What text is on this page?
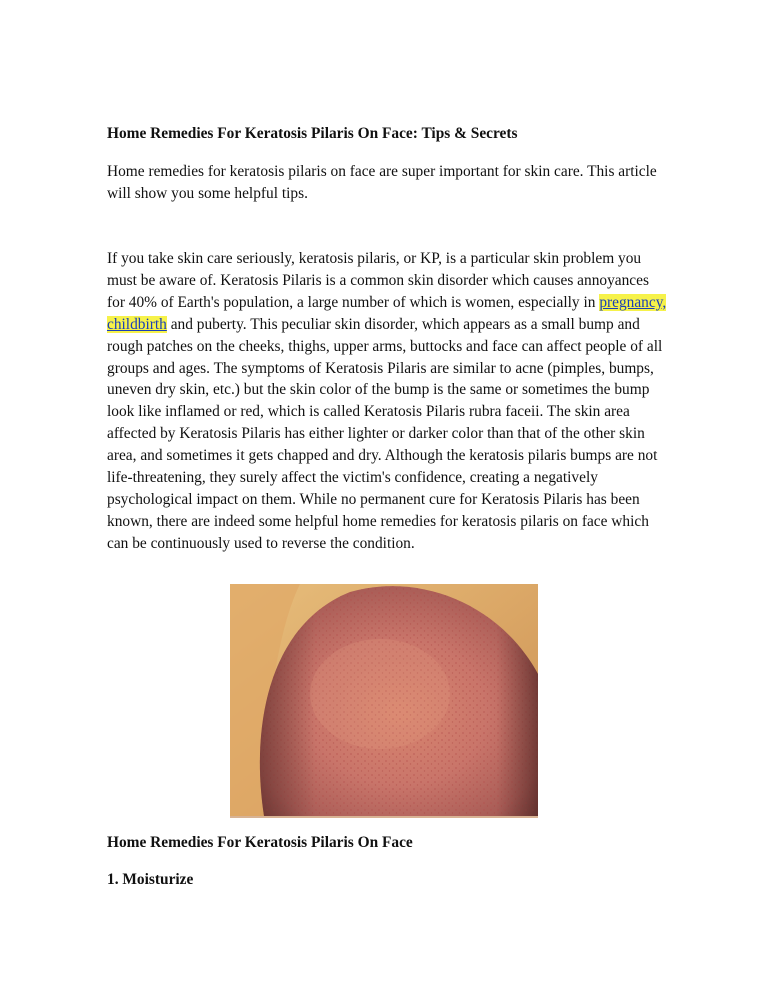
Home Remedies For Keratosis Pilaris On Face: Tips & Secrets

Home remedies for keratosis pilaris on face are super important for skin care. This article will show you some helpful tips.

If you take skin care seriously, keratosis pilaris, or KP, is a particular skin problem you must be aware of. Keratosis Pilaris is a common skin disorder which causes annoyances for 40% of Earth's population, a large number of which is women, especially in pregnancy, childbirth and puberty. This peculiar skin disorder, which appears as a small bump and rough patches on the cheeks, thighs, upper arms, buttocks and face can affect people of all groups and ages. The symptoms of Keratosis Pilaris are similar to acne (pimples, bumps, uneven dry skin, etc.) but the skin color of the bump is the same or sometimes the bump look like inflamed or red, which is called Keratosis Pilaris rubra faceii. The skin area affected by Keratosis Pilaris has either lighter or darker color than that of the other skin area, and sometimes it gets chapped and dry. Although the keratosis pilaris bumps are not life-threatening, they surely affect the victim's confidence, creating a negatively psychological impact on them. While no permanent cure for Keratosis Pilaris has been known, there are indeed some helpful home remedies for keratosis pilaris on face which can be continuously used to reverse the condition.

Home Remedies For Keratosis Pilaris On Face
1. Moisturize
